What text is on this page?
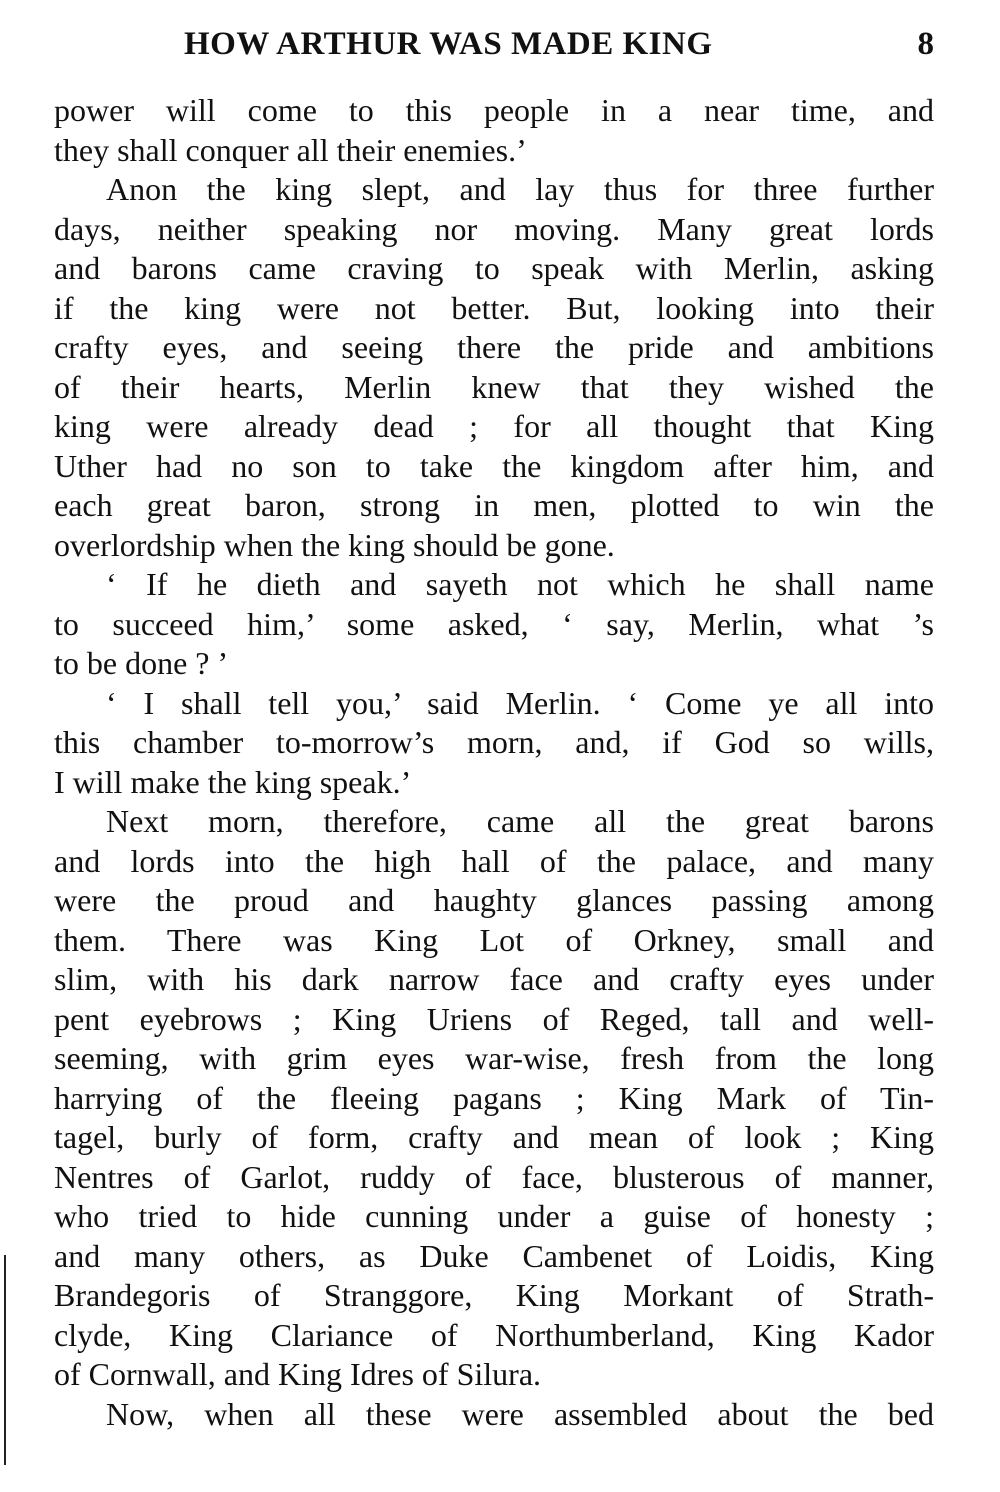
HOW ARTHUR WAS MADE KING	8
power will come to this people in a near time, and
they shall conquer all their enemies.’
Anon the king slept, and lay thus for three further
days, neither speaking nor moving. Many great lords
and barons came craving to speak with Merlin, asking
if the king were not better. But, looking into their
crafty eyes, and seeing there the pride and ambitions
of their hearts, Merlin knew that they wished the
king were already dead ; for all thought that King
Uther had no son to take the kingdom after him, and
each great baron, strong in men, plotted to win the
overlordship when the king should be gone.
‘ If he dieth and sayeth not which he shall name
to succeed him,’ some asked, ‘ say, Merlin, what ’s
to be done ? ’
‘ I shall tell you,’ said Merlin. ‘ Come ye all into
this chamber to-morrow’s morn, and, if God so wills,
I will make the king speak.’
Next morn, therefore, came all the great barons
and lords into the high hall of the palace, and many
were the proud and haughty glances passing among
them. There was King Lot of Orkney, small and
slim, with his dark narrow face and crafty eyes under
pent eyebrows ; King Uriens of Reged, tall and well-
seeming, with grim eyes war-wise, fresh from the long
harrying of the fleeing pagans ; King Mark of Tin-
tagel, burly of form, crafty and mean of look ; King
Nentres of Garlot, ruddy of face, blusterous of manner,
who tried to hide cunning under a guise of honesty ;
and many others, as Duke Cambenet of Loidis, King
Brandegoris of Stranggore, King Morkant of Strath-
clyde, King Clariance of Northumberland, King Kador
of Cornwall, and King Idres of Silura.
Now, when all these were assembled about the bed
